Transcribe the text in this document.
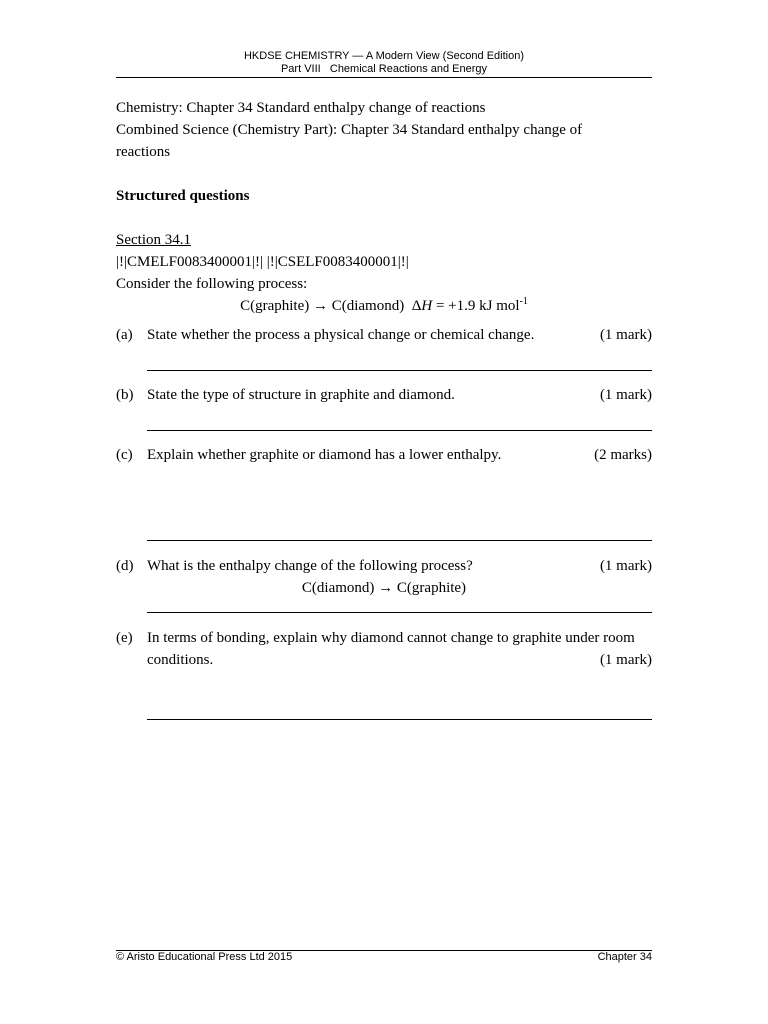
HKDSE CHEMISTRY — A Modern View (Second Edition)
Part VIII   Chemical Reactions and Energy

Chemistry: Chapter 34 Standard enthalpy change of reactions

Combined Science (Chemistry Part): Chapter 34 Standard enthalpy change of

reactions

Structured questions

Section 34.1

|!|CMELF0083400001|!| |!|CSELF0083400001|!|

Consider the following process:

C(graphite) → C(diamond)  ΔH = +1.9 kJ mol$^{-1}$

(a) State whether the process a physical change or chemical change.	(1 mark)
(b) State the type of structure in graphite and diamond.	(1 mark)
(c) Explain whether graphite or diamond has a lower enthalpy.	(2 marks)
(d) What is the enthalpy change of the following process?	(1 mark)
C(diamond) → C(graphite)
(e) In terms of bonding, explain why diamond cannot change to graphite under room
conditions.	(1 mark)
© Aristo Educational Press Ltd 2015	Chapter 34
